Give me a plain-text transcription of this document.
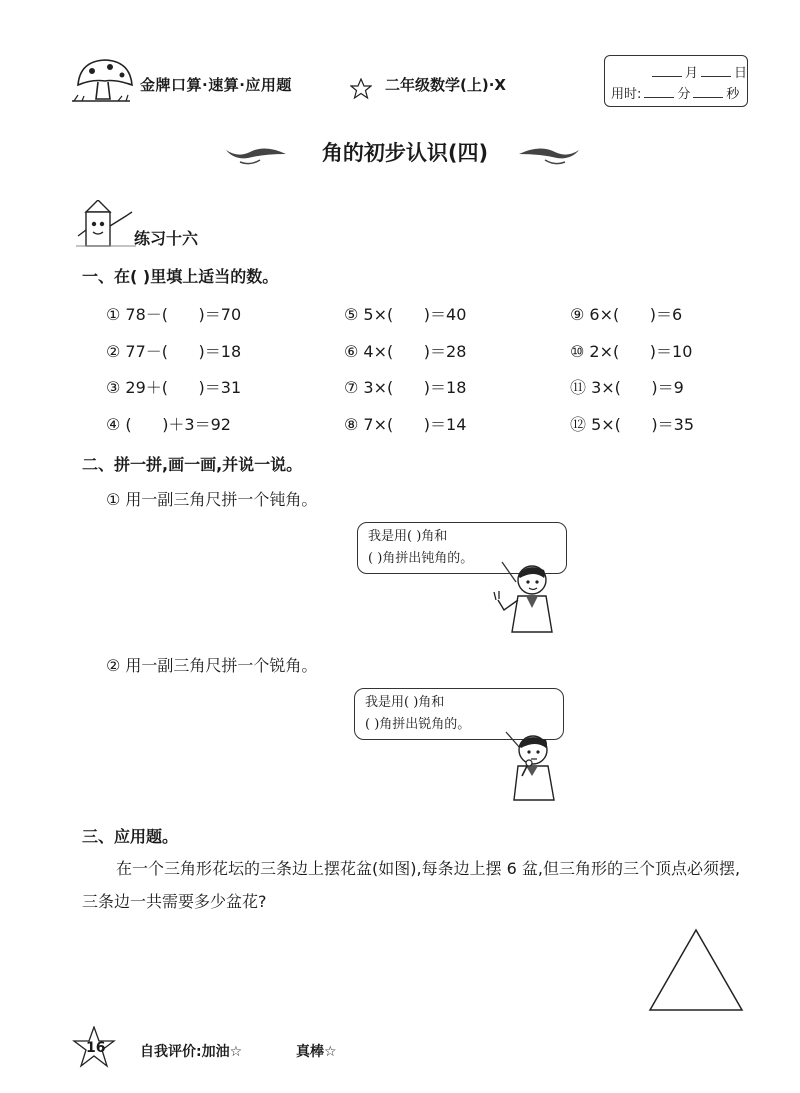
金牌口算·速算·应用题	二年级数学(上)·X
月	日
用时:	分	秒
角的初步认识(四)
练习十六
一、在( )里填上适当的数。
① 78－(      )＝70
② 77－(      )＝18
③ 29＋(      )＝31
④ (      )＋3＝92
⑤ 5×(      )＝40
⑥ 4×(      )＝28
⑦ 3×(      )＝18
⑧ 7×(      )＝14
⑨ 6×(      )＝6
⑩ 2×(      )＝10
⑪ 3×(      )＝9
⑫ 5×(      )＝35
二、拼一拼,画一画,并说一说。
① 用一副三角尺拼一个钝角。
我是用( )角和
( )角拼出钝角的。
② 用一副三角尺拼一个锐角。
我是用( )角和
( )角拼出锐角的。
三、应用题。
在一个三角形花坛的三条边上摆花盆(如图),每条边上摆 6 盆,但三角形的三个顶点必须摆,三条边一共需要多少盆花?
16 自我评价:加油☆	真棒☆
